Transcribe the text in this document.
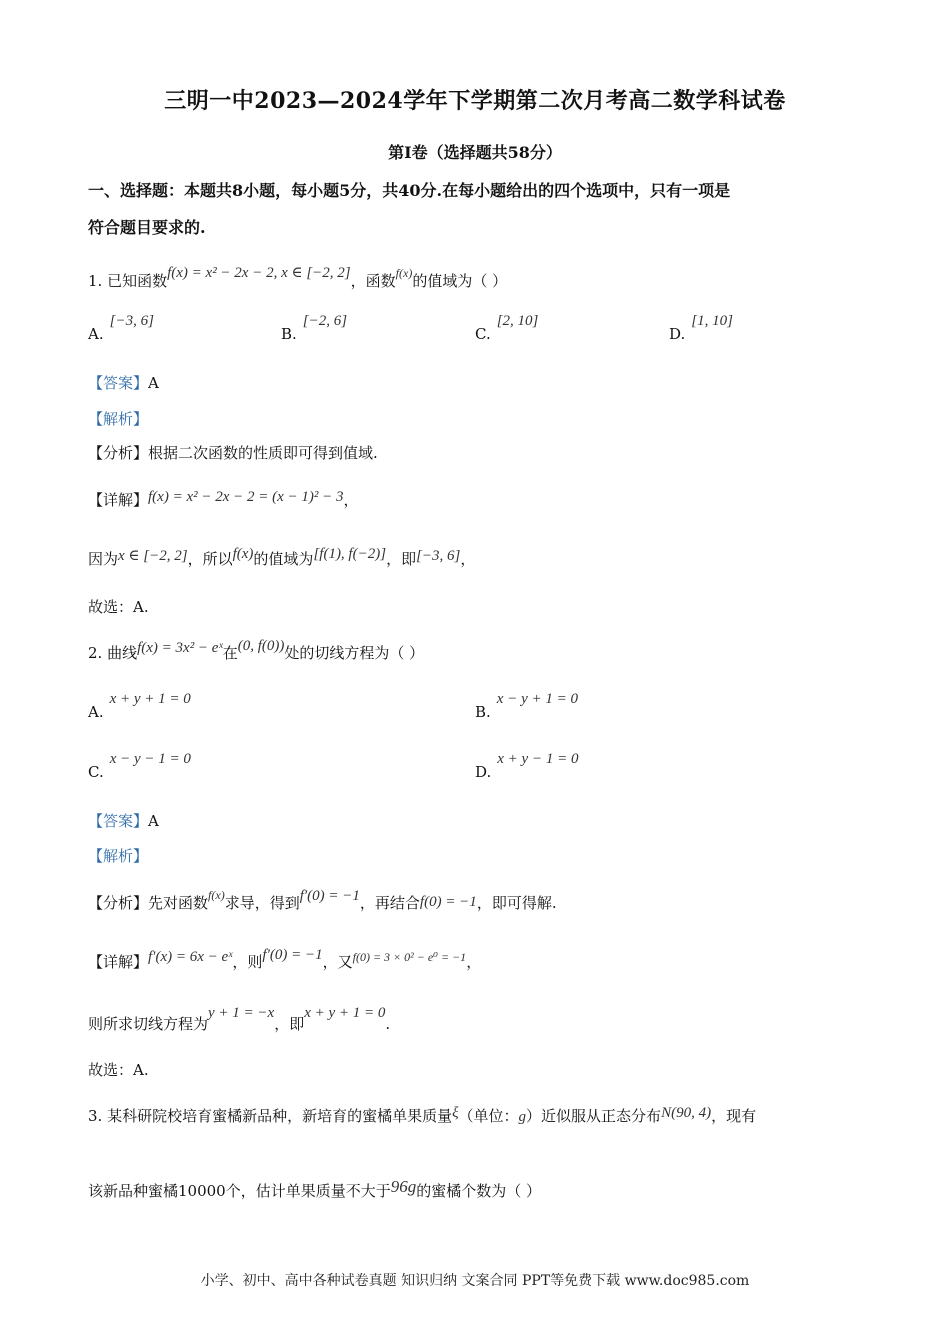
三明一中2023—2024学年下学期第二次月考高二数学科试卷
第Ⅰ卷（选择题共58分）
一、选择题：本题共8小题，每小题5分，共40分.在每小题给出的四个选项中，只有一项是
符合题目要求的.
1. 已知函数f(x) = x² − 2x − 2, x ∈ [−2, 2]，函数$^{f(x)}$的值域为（ ）
A.[−3, 6]
B.[−2, 6]
C.[2, 10]
D.[1, 10]
【答案】A
【解析】
【分析】根据二次函数的性质即可得到值域.
【详解】f(x) = x² − 2x − 2 = (x − 1)² − 3，
因为x ∈ [−2, 2]，所以f(x)的值域为[f(1), f(−2)]，即[−3, 6]，
故选：A.
2. 曲线f(x) = 3x² − eˣ在(0, f(0))处的切线方程为（ ）
A.x + y + 1 = 0
B.x − y + 1 = 0
C.x − y − 1 = 0
D.x + y − 1 = 0
【答案】A
【解析】
【分析】先对函数$^{f(x)}$求导，得到f′(0) = −1，再结合f(0) = −1，即可得解.
【详解】f′(x) = 6x − eˣ，则f′(0) = −1，又$^{f(0) = 3 \times 0^2 - e^0 = -1}$，
则所求切线方程为y + 1 = −x，即x + y + 1 = 0.
故选：A.
3. 某科研院校培育蜜橘新品种，新培育的蜜橘单果质量ξ（单位：g）近似服从正态分布N(90, 4)，现有
该新品种蜜橘10000个，估计单果质量不大于96g的蜜橘个数为（ ）
小学、初中、高中各种试卷真题 知识归纳 文案合同 PPT等免费下载 www.doc985.com
